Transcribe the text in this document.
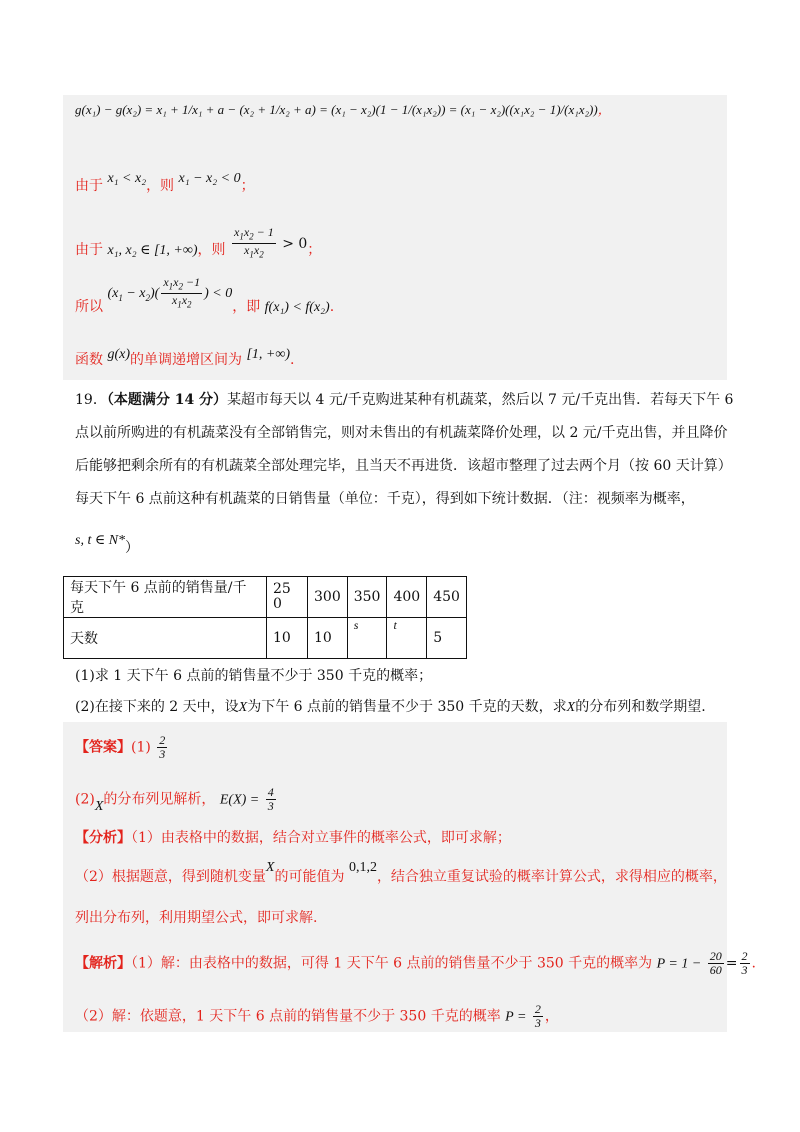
g(x₁) − g(x₂) = x₁ + 1/x₁ + a − (x₂ + 1/x₂ + a) = (x₁ − x₂)(1 − 1/(x₁x₂)) = (x₁ − x₂)((x₁x₂ − 1)/(x₁x₂))，
由于 x₁ < x₂，则 x₁ − x₂ < 0；
由于 x₁, x₂ ∈ [1, +∞)，则 $\frac{x_1x_2 - 1}{x_1x_2} > 0$；
所以 $(x_1 - x_2)( \frac{x_1x_2 -1}{x_1x_2}$ ) < 0，即 f(x₁) < f(x₂).
函数 g(x)的单调递增区间为 [1, +∞).
19．（本题满分 14 分）某超市每天以 4 元/千克购进某种有机蔬菜，然后以 7 元/千克出售．若每天下午 6
点以前所购进的有机蔬菜没有全部销售完，则对未售出的有机蔬菜降价处理，以 2 元/千克出售，并且降价
后能够把剩余所有的有机蔬菜全部处理完毕，且当天不再进货．该超市整理了过去两个月（按 60 天计算）
每天下午 6 点前这种有机蔬菜的日销售量（单位：千克），得到如下统计数据．（注：视频率为概率，
s, t ∈ N*）
每天下午 6 点前的销售量/千克	250	300	350	400	450
天数	10	10	s	t	5
(1)求 1 天下午 6 点前的销售量不少于 350 千克的概率；
(2)在接下来的 2 天中，设X为下午 6 点前的销售量不少于 350 千克的天数，求X的分布列和数学期望.
【答案】$(1) \frac{2}{3}$
(2)X的分布列见解析， $E(X) = \frac{4}{3}$
【分析】（1）由表格中的数据，结合对立事件的概率公式，即可求解；
（2）根据题意，得到随机变量X的可能值为 0,1,2，结合独立重复试验的概率计算公式，求得相应的概率，
列出分布列，利用期望公式，即可求解.
【解析】（1）解：由表格中的数据，可得 1 天下午 6 点前的销售量不少于 350 千克的概率为 $P = 1 - \frac{20}{60} = \frac{2}{3}$ .
（2）解：依题意，1 天下午 6 点前的销售量不少于 350 千克的概率 $P = \frac{2}{3}$ ，
